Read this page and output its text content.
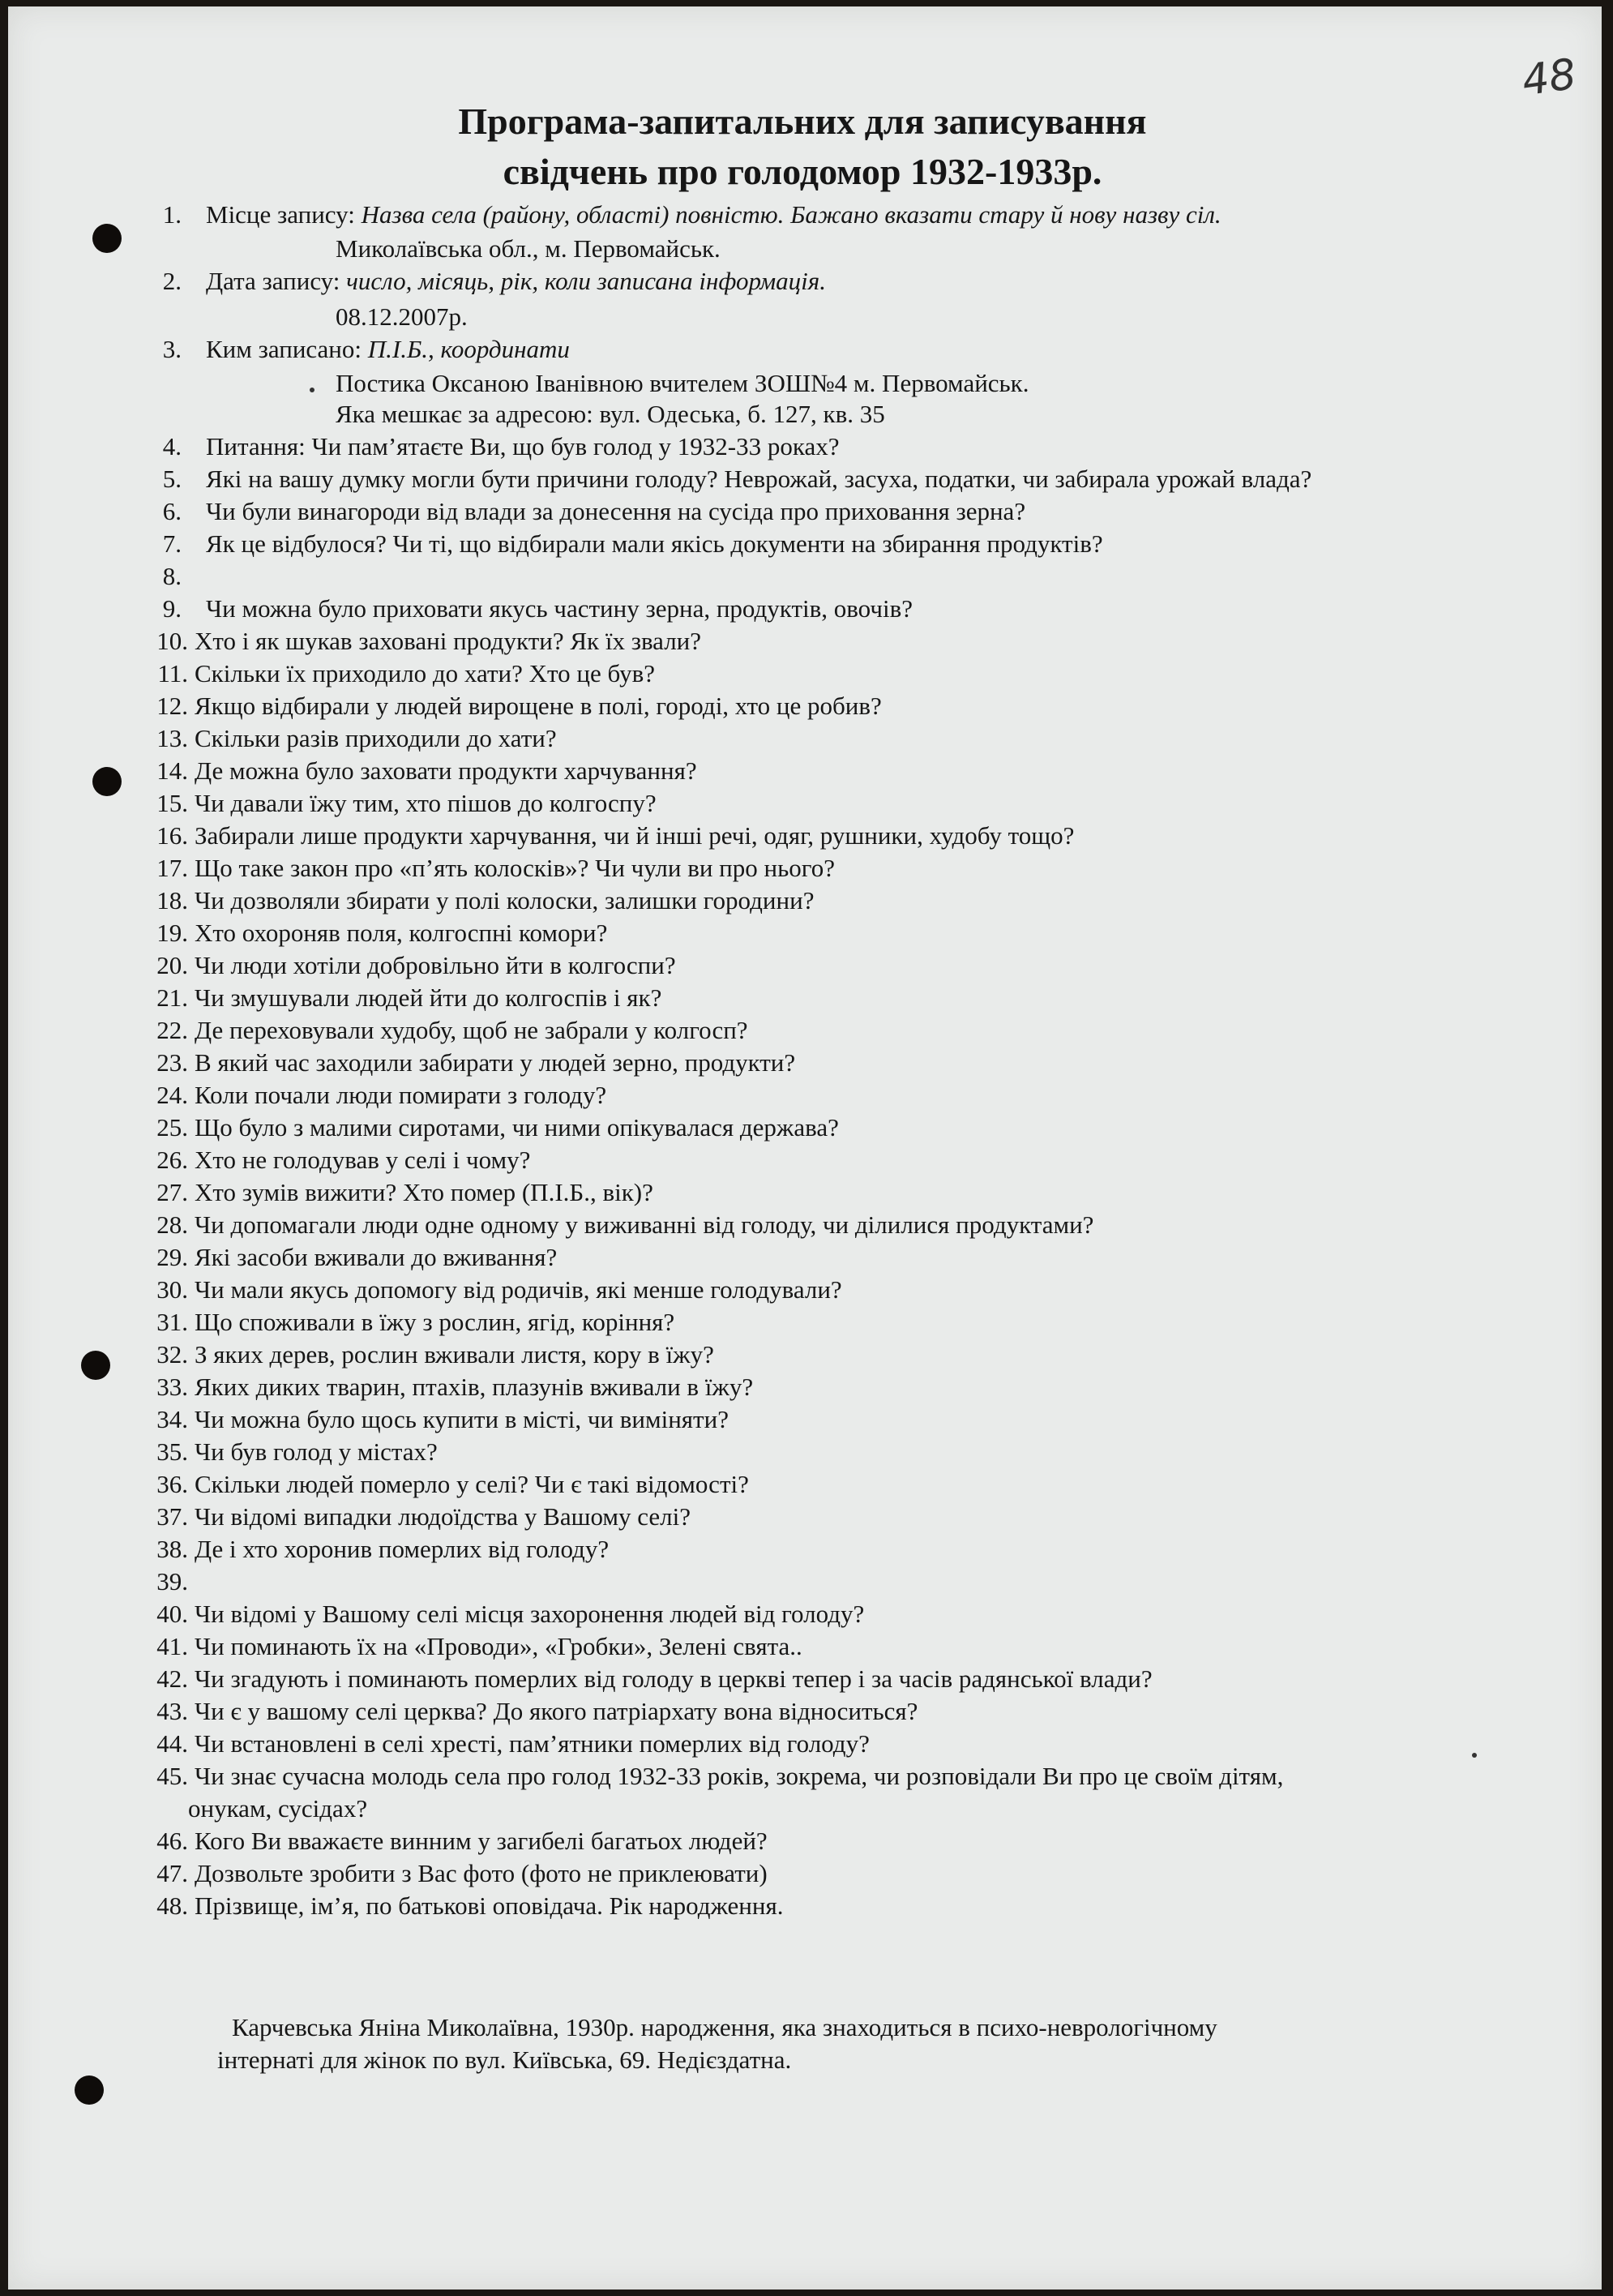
48
Програма-запитальних для записування
свідчень про голодомор 1932-1933р.
1. Місце запису: Назва села (району, області) повністю. Бажано вказати стару й нову назву сіл.
2. Дата запису: число, місяць, рік, коли записана інформація.
3. Ким записано: П.І.Б., координати
4. Питання: Чи пам’ятаєте Ви, що був голод у 1932-33 роках?
5. Які на вашу думку могли бути причини голоду? Неврожай, засуха, податки, чи забирала урожай влада?
6. Чи були винагороди від влади за донесення на сусіда про приховання зерна?
7. Як це відбулося? Чи ті, що відбирали мали якісь документи на збирання продуктів?
8.
9. Чи можна було приховати якусь частину зерна, продуктів, овочів?
10. Хто і як шукав заховані продукти? Як їх звали?
11. Скільки їх приходило до хати? Хто це був?
12. Якщо відбирали у людей вирощене в полі, городі, хто це робив?
13. Скільки разів приходили до хати?
14. Де можна було заховати продукти харчування?
15. Чи давали їжу тим, хто пішов до колгоспу?
16. Забирали лише продукти харчування, чи й інші речі, одяг, рушники, худобу тощо?
17. Що таке закон про «п’ять колосків»? Чи чули ви про нього?
18. Чи дозволяли збирати у полі колоски, залишки городини?
19. Хто охороняв поля, колгоспні комори?
20. Чи люди хотіли добровільно йти в колгоспи?
21. Чи змушували людей йти до колгоспів і як?
22. Де переховували худобу, щоб не забрали у колгосп?
23. В який час заходили забирати у людей зерно, продукти?
24. Коли почали люди помирати з голоду?
25. Що було з малими сиротами, чи ними опікувалася держава?
26. Хто не голодував у селі і чому?
27. Хто зумів вижити? Хто помер (П.І.Б., вік)?
28. Чи допомагали люди одне одному у виживанні від голоду, чи ділилися продуктами?
29. Які засоби вживали до вживання?
30. Чи мали якусь допомогу від родичів, які менше голодували?
31. Що споживали в їжу з рослин, ягід, коріння?
32. З яких дерев, рослин вживали листя, кору в їжу?
33. Яких диких тварин, птахів, плазунів вживали в їжу?
34. Чи можна було щось купити в місті, чи виміняти?
35. Чи був голод у містах?
36. Скільки людей померло у селі? Чи є такі відомості?
37. Чи відомі випадки людоїдства у Вашому селі?
38. Де і хто хоронив померлих від голоду?
39.
40. Чи відомі у Вашому селі місця захоронення людей від голоду?
41. Чи поминають їх на «Проводи», «Гробки», Зелені свята..
42. Чи згадують і поминають померлих від голоду в церкві тепер і за часів радянської влади?
43. Чи є у вашому селі церква? До якого патріархату вона відноситься?
44. Чи встановлені в селі хресті, пам’ятники померлих від голоду?
45. Чи знає сучасна молодь села про голод 1932-33 років, зокрема, чи розповідали Ви про це своїм дітям,
онукам, сусідах?
46. Кого Ви вважаєте винним у загибелі багатьох людей?
47. Дозвольте зробити з Вас фото (фото не приклеювати)
48. Прізвище, ім’я, по батькові оповідача. Рік народження.
Миколаївська обл., м. Первомайськ.
08.12.2007р.
Постика Оксаною Іванівною вчителем ЗОШ№4 м. Первомайськ.
Яка мешкає за адресою: вул. Одеська, б. 127, кв. 35
Карчевська Яніна Миколаївна, 1930р. народження, яка знаходиться в психо-неврологічному
інтернаті для жінок по вул. Київська, 69. Недієздатна.
